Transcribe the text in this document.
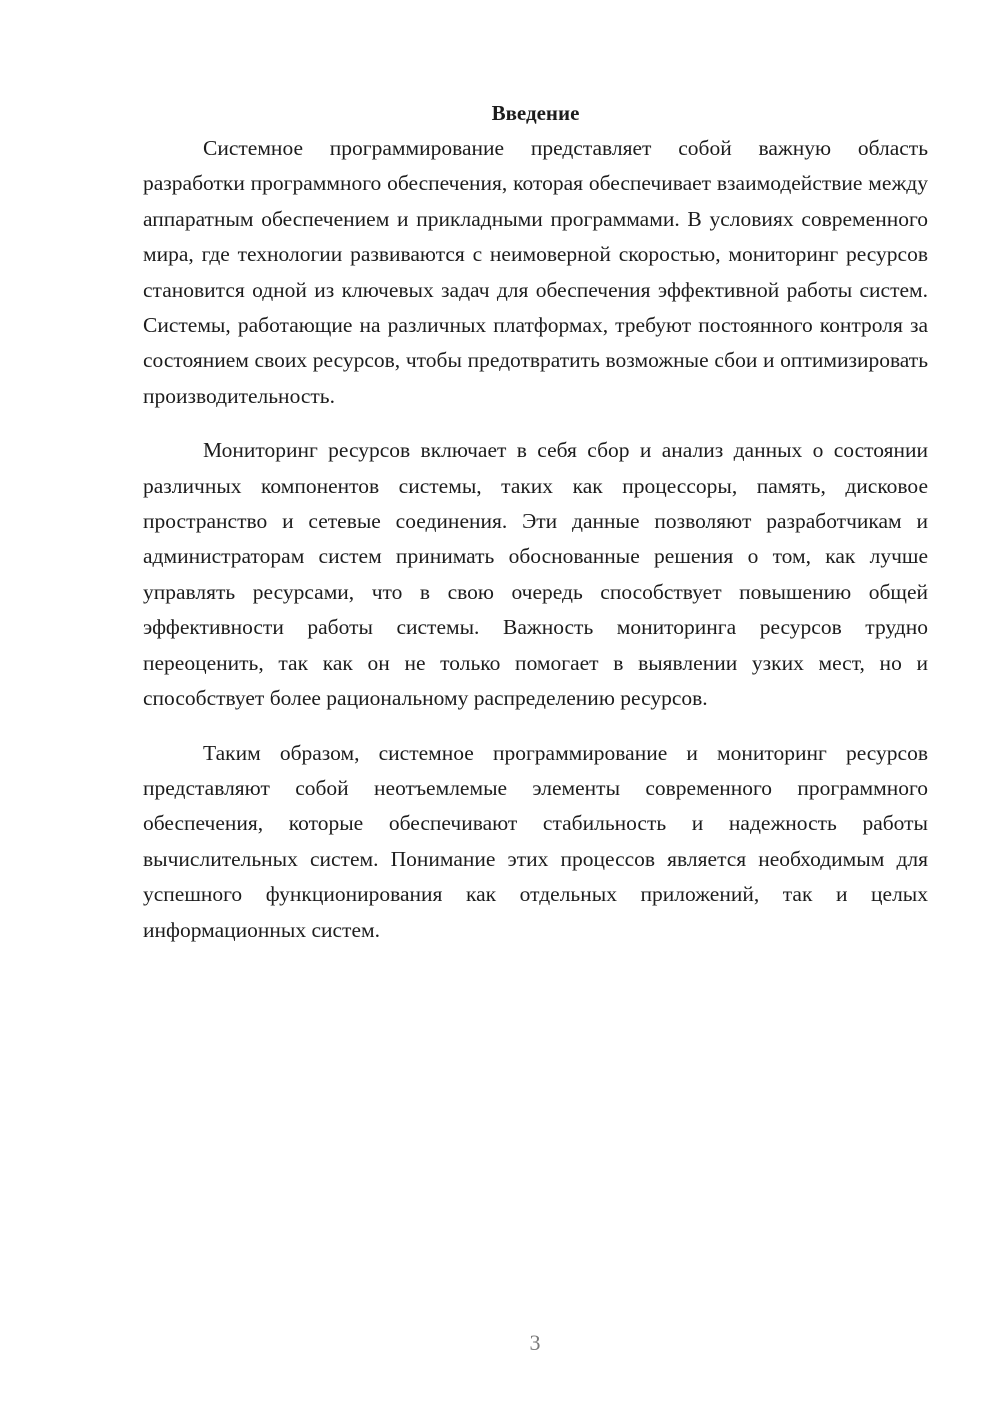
Введение

Системное программирование представляет собой важную область разработки программного обеспечения, которая обеспечивает взаимодействие между аппаратным обеспечением и прикладными программами. В условиях современного мира, где технологии развиваются с неимоверной скоростью, мониторинг ресурсов становится одной из ключевых задач для обеспечения эффективной работы систем. Системы, работающие на различных платформах, требуют постоянного контроля за состоянием своих ресурсов, чтобы предотвратить возможные сбои и оптимизировать производительность.

Мониторинг ресурсов включает в себя сбор и анализ данных о состоянии различных компонентов системы, таких как процессоры, память, дисковое пространство и сетевые соединения. Эти данные позволяют разработчикам и администраторам систем принимать обоснованные решения о том, как лучше управлять ресурсами, что в свою очередь способствует повышению общей эффективности работы системы. Важность мониторинга ресурсов трудно переоценить, так как он не только помогает в выявлении узких мест, но и способствует более рациональному распределению ресурсов.

Таким образом, системное программирование и мониторинг ресурсов представляют собой неотъемлемые элементы современного программного обеспечения, которые обеспечивают стабильность и надежность работы вычислительных систем. Понимание этих процессов является необходимым для успешного функционирования как отдельных приложений, так и целых информационных систем.

3
